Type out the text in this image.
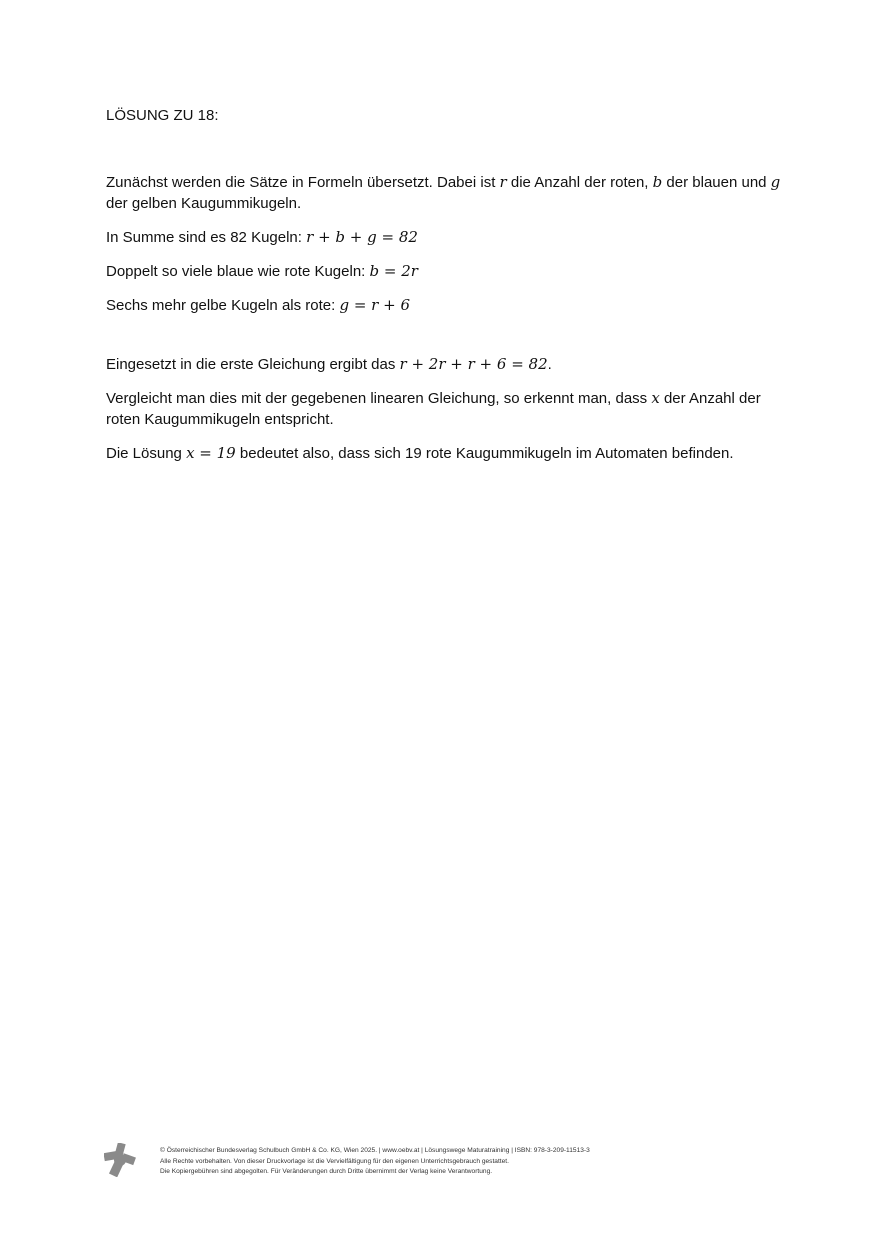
LÖSUNG ZU 18:

Zunächst werden die Sätze in Formeln übersetzt. Dabei ist r die Anzahl der roten, b der blauen und g der gelben Kaugummikugeln.

In Summe sind es 82 Kugeln: r + b + g = 82

Doppelt so viele blaue wie rote Kugeln: b = 2r

Sechs mehr gelbe Kugeln als rote: g = r + 6

Eingesetzt in die erste Gleichung ergibt das r + 2r + r + 6 = 82.

Vergleicht man dies mit der gegebenen linearen Gleichung, so erkennt man, dass x der Anzahl der roten Kaugummikugeln entspricht.

Die Lösung x = 19 bedeutet also, dass sich 19 rote Kaugummikugeln im Automaten befinden.

© Österreichischer Bundesverlag Schulbuch GmbH & Co. KG, Wien 2025. | www.oebv.at | Lösungswege Maturatraining | ISBN: 978-3-209-11513-3
Alle Rechte vorbehalten. Von dieser Druckvorlage ist die Vervielfältigung für den eigenen Unterrichtsgebrauch gestattet.
Die Kopiergebühren sind abgegolten. Für Veränderungen durch Dritte übernimmt der Verlag keine Verantwortung.
